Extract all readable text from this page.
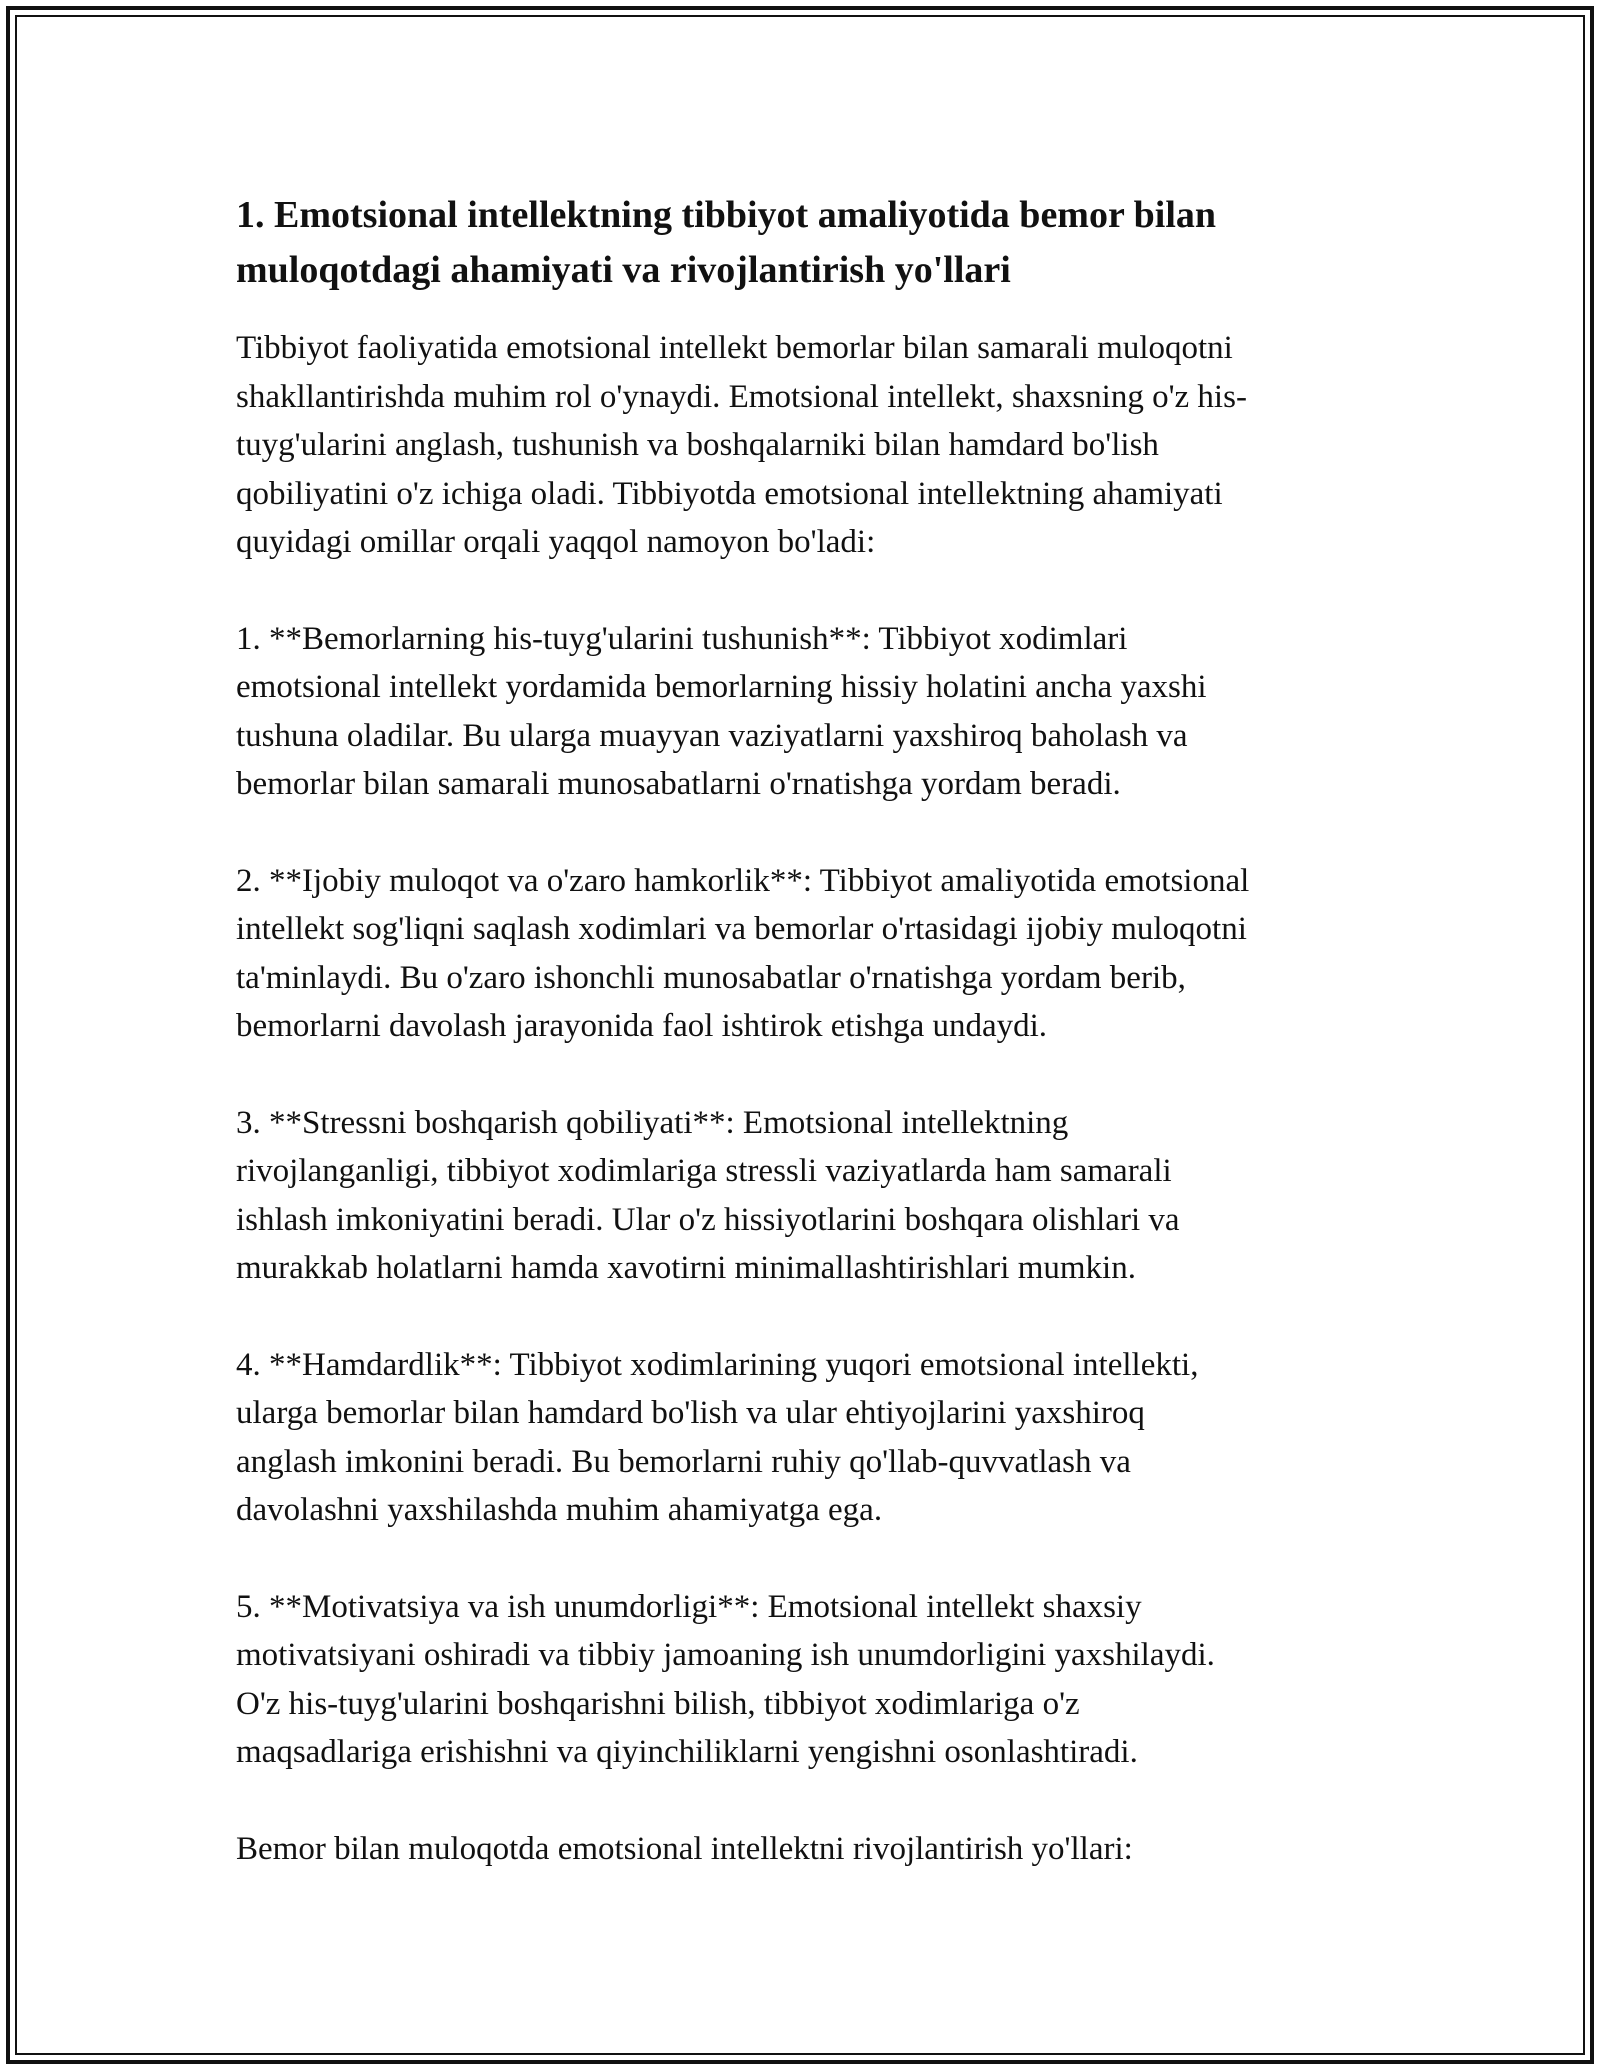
1. Emotsional intellektning tibbiyot amaliyotida bemor bilan
muloqotdagi ahamiyati va rivojlantirish yo'llari

Tibbiyot faoliyatida emotsional intellekt bemorlar bilan samarali muloqotni
shakllantirishda muhim rol o'ynaydi. Emotsional intellekt, shaxsning o'z his-
tuyg'ularini anglash, tushunish va boshqalarniki bilan hamdard bo'lish
qobiliyatini o'z ichiga oladi. Tibbiyotda emotsional intellektning ahamiyati
quyidagi omillar orqali yaqqol namoyon bo'ladi:

1. **Bemorlarning his-tuyg'ularini tushunish**: Tibbiyot xodimlari
emotsional intellekt yordamida bemorlarning hissiy holatini ancha yaxshi
tushuna oladilar. Bu ularga muayyan vaziyatlarni yaxshiroq baholash va
bemorlar bilan samarali munosabatlarni o'rnatishga yordam beradi.

2. **Ijobiy muloqot va o'zaro hamkorlik**: Tibbiyot amaliyotida emotsional
intellekt sog'liqni saqlash xodimlari va bemorlar o'rtasidagi ijobiy muloqotni
ta'minlaydi. Bu o'zaro ishonchli munosabatlar o'rnatishga yordam berib,
bemorlarni davolash jarayonida faol ishtirok etishga undaydi.

3. **Stressni boshqarish qobiliyati**: Emotsional intellektning
rivojlanganligi, tibbiyot xodimlariga stressli vaziyatlarda ham samarali
ishlash imkoniyatini beradi. Ular o'z hissiyotlarini boshqara olishlari va
murakkab holatlarni hamda xavotirni minimallashtirishlari mumkin.

4. **Hamdardlik**: Tibbiyot xodimlarining yuqori emotsional intellekti,
ularga bemorlar bilan hamdard bo'lish va ular ehtiyojlarini yaxshiroq
anglash imkonini beradi. Bu bemorlarni ruhiy qo'llab-quvvatlash va
davolashni yaxshilashda muhim ahamiyatga ega.

5. **Motivatsiya va ish unumdorligi**: Emotsional intellekt shaxsiy
motivatsiyani oshiradi va tibbiy jamoaning ish unumdorligini yaxshilaydi.
O'z his-tuyg'ularini boshqarishni bilish, tibbiyot xodimlariga o'z
maqsadlariga erishishni va qiyinchiliklarni yengishni osonlashtiradi.

Bemor bilan muloqotda emotsional intellektni rivojlantirish yo'llari:
